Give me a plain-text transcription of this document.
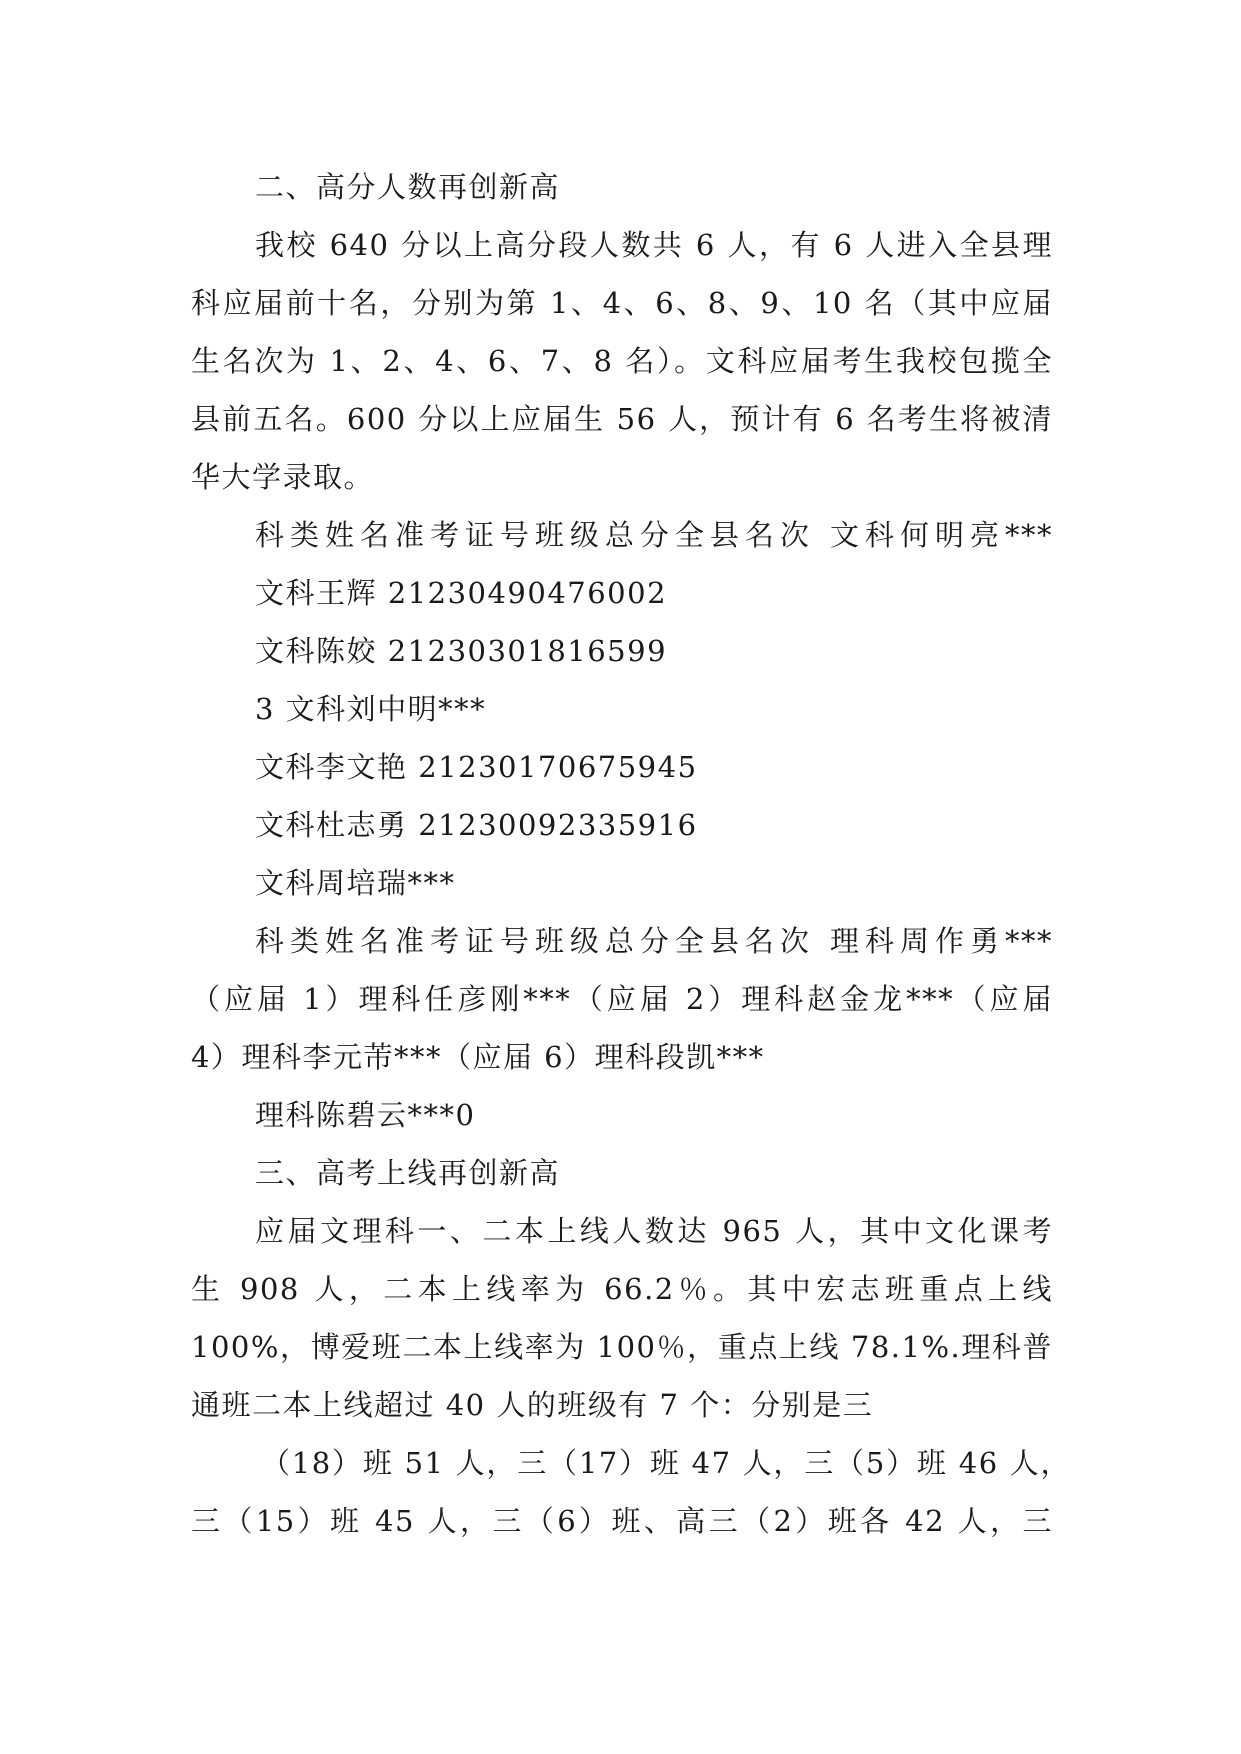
二、高分人数再创新高
我校 640 分以上高分段人数共 6 人，有 6 人进入全县理
科应届前十名，分别为第 1、4、6、8、9、10 名（其中应届
生名次为 1、2、4、6、7、8 名）。文科应届考生我校包揽全
县前五名。600 分以上应届生 56 人，预计有 6 名考生将被清
华大学录取。
科类姓名准考证号班级总分全县名次 文科何明亮***
文科王辉 21230490476002
文科陈姣 21230301816599
3 文科刘中明***
文科李文艳 21230170675945
文科杜志勇 21230092335916
文科周培瑞***
科类姓名准考证号班级总分全县名次 理科周作勇***
（应届 1）理科任彦刚***（应届 2）理科赵金龙***（应届
4）理科李元芾***（应届 6）理科段凯***
理科陈碧云***0
三、高考上线再创新高
应届文理科一、二本上线人数达 965 人，其中文化课考
生 908 人，二本上线率为 66.2％。其中宏志班重点上线
100%，博爱班二本上线率为 100％，重点上线 78.1%.理科普
通班二本上线超过 40 人的班级有 7 个：分别是三
（18）班 51 人，三（17）班 47 人，三（5）班 46 人，
三（15）班 45 人，三（6）班、高三（2）班各 42 人，三
